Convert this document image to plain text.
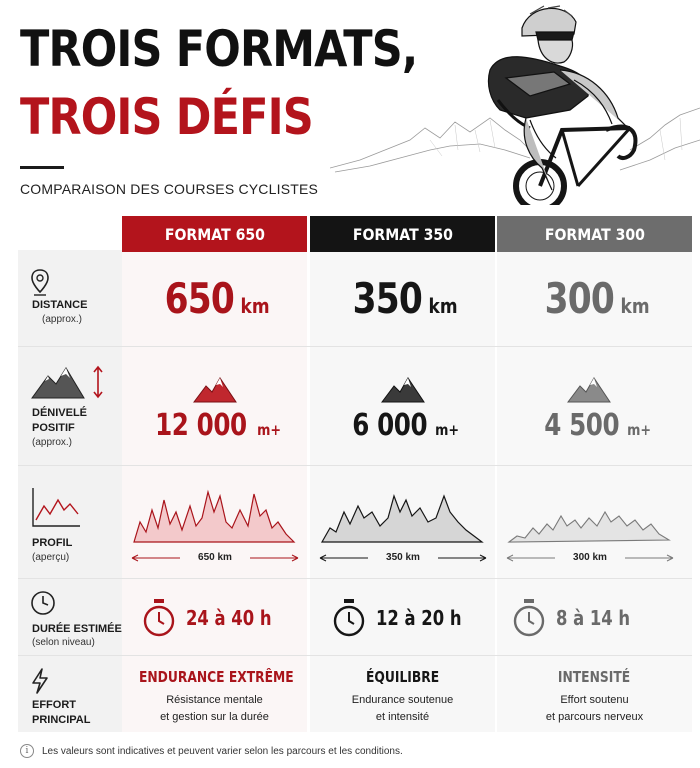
TROIS FORMATS,
TROIS DÉFIS
COMPARAISON DES COURSES CYCLISTES
FORMAT 650	FORMAT 350	FORMAT 300
DISTANCE
(approx.) 650 km 350 km 300 km
DÉNIVELÉ
POSITIF
(approx.)	12 000 m+ 6 000 m+	4 500 m+
PROFIL
(aperçu)	650 km	350 km	300 km
DURÉE ESTIMÉE
(selon niveau)
24 à 40 h	12 à 20 h	8 à 14 h
EFFORT
PRINCIPAL
ENDURANCE EXTRÊME
Résistance mentale
et gestion sur la durée
ÉQUILIBRE
Endurance soutenue
et intensité
INTENSITÉ
Effort soutenu
et parcours nerveux
i	Les valeurs sont indicatives et peuvent varier selon les parcours et les conditions.
